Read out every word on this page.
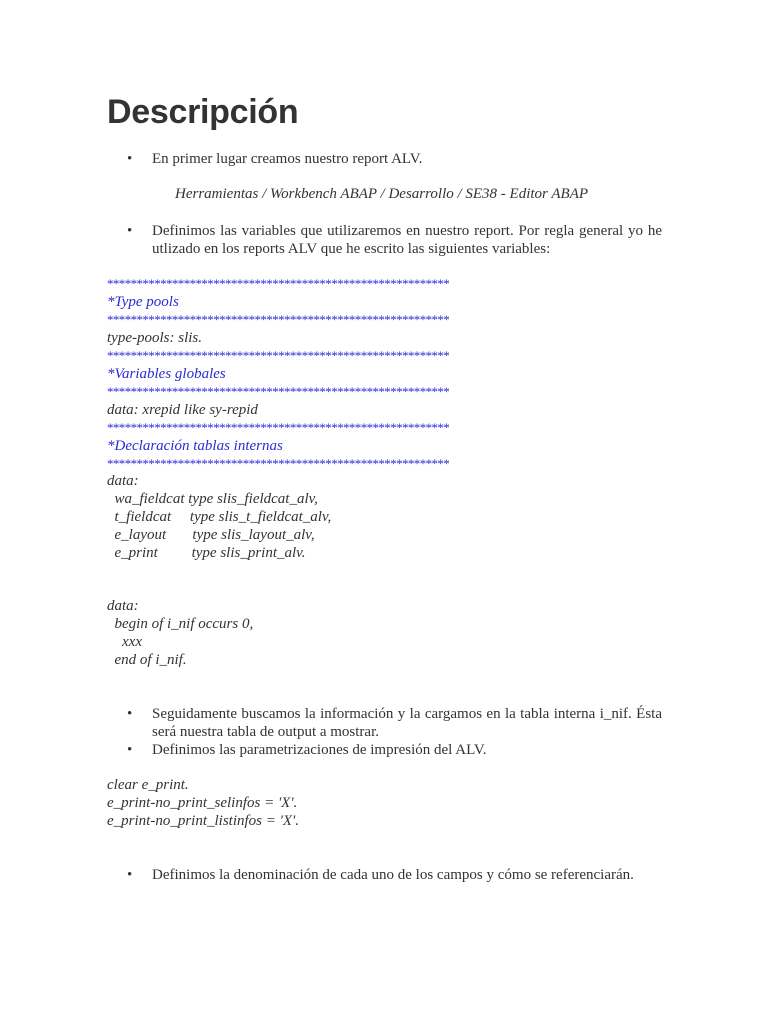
Descripción
• En primer lugar creamos nuestro report ALV.
Herramientas / Workbench ABAP / Desarrollo / SE38 - Editor ABAP
• Definimos las variables que utilizaremos en nuestro report. Por regla general yo he utlizado en los reports ALV que he escrito las siguientes variables:
**********************************************************
*Type pools
**********************************************************
type-pools: slis.
**********************************************************
*Variables globales
**********************************************************
data: xrepid like sy-repid
**********************************************************
*Declaración tablas internas
**********************************************************
data:
wa_fieldcat type slis_fieldcat_alv,
t_fieldcat     type slis_t_fieldcat_alv,
e_layout       type slis_layout_alv,
e_print         type slis_print_alv.
data:
begin of i_nif occurs 0,
xxx
end of i_nif.
• Seguidamente buscamos la información y la cargamos en la tabla interna i_nif. Ésta será nuestra tabla de output a mostrar.
• Definimos las parametrizaciones de impresión del ALV.
clear e_print.
e_print-no_print_selinfos = 'X'.
e_print-no_print_listinfos = 'X'.
• Definimos la denominación de cada uno de los campos y cómo se referenciarán.
